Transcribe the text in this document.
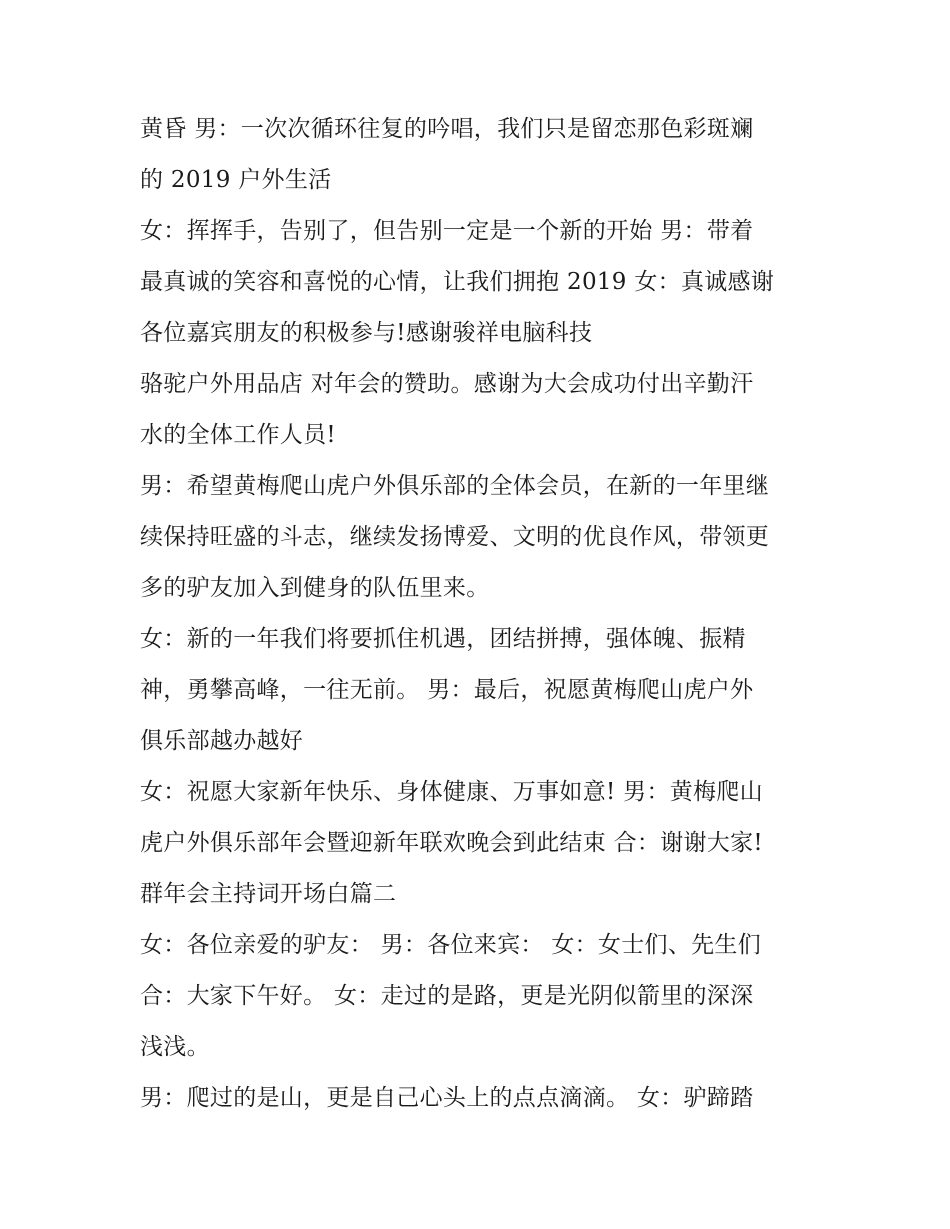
黄昏 男：一次次循环往复的吟唱，我们只是留恋那色彩斑斓
的 2019 户外生活
女：挥挥手，告别了，但告别一定是一个新的开始 男：带着
最真诚的笑容和喜悦的心情，让我们拥抱 2019 女：真诚感谢
各位嘉宾朋友的积极参与!感谢骏祥电脑科技
骆驼户外用品店 对年会的赞助。感谢为大会成功付出辛勤汗
水的全体工作人员!
男：希望黄梅爬山虎户外俱乐部的全体会员，在新的一年里继
续保持旺盛的斗志，继续发扬博爱、文明的优良作风，带领更
多的驴友加入到健身的队伍里来。
女：新的一年我们将要抓住机遇，团结拼搏，强体魄、振精
神，勇攀高峰，一往无前。 男：最后，祝愿黄梅爬山虎户外
俱乐部越办越好
女：祝愿大家新年快乐、身体健康、万事如意! 男：黄梅爬山
虎户外俱乐部年会暨迎新年联欢晚会到此结束 合：谢谢大家!
群年会主持词开场白篇二
女：各位亲爱的驴友： 男：各位来宾： 女：女士们、先生们
合：大家下午好。 女：走过的是路，更是光阴似箭里的深深
浅浅。
男：爬过的是山，更是自己心头上的点点滴滴。 女：驴蹄踏
